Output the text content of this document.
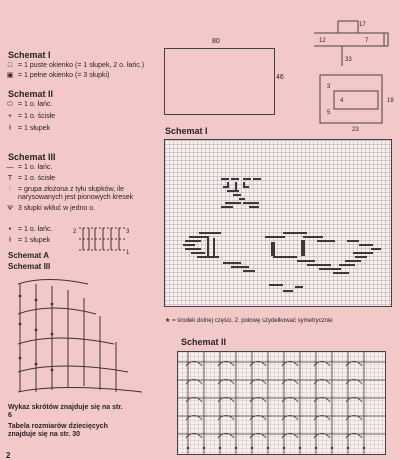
Schemat I
□ = 1 puste okienko (= 1 słupek, 2 o. łańc.)
▣ = 1 pełne okienko (= 3 słupki)
Schemat II
⬭ = 1 o. łańc.
+ = 1 o. ścisłe
ł = 1 słupek
Schemat III
— = 1 o. łańc.
T = 1 o. ścisłe
⫶	= grupa złożona z tyłu słupków, ile narysowanych jest pionowych kresek
Ѱ 3 słupki wkłuć w jedno o.
• = 1 o. łańc.
ł = 1 słupek
Schemat A
Schemat III
2	3
1
Wykaz skrótów znajduje się na str. 6
Tabela rozmiarów dziecięcych znajduje się na str. 30
2
80
46
12	7
17
33
3
4
5
19
23
Schemat I
★ = środek dolnej części, 2. połowę szydełkować symetrycznie
Schemat II
